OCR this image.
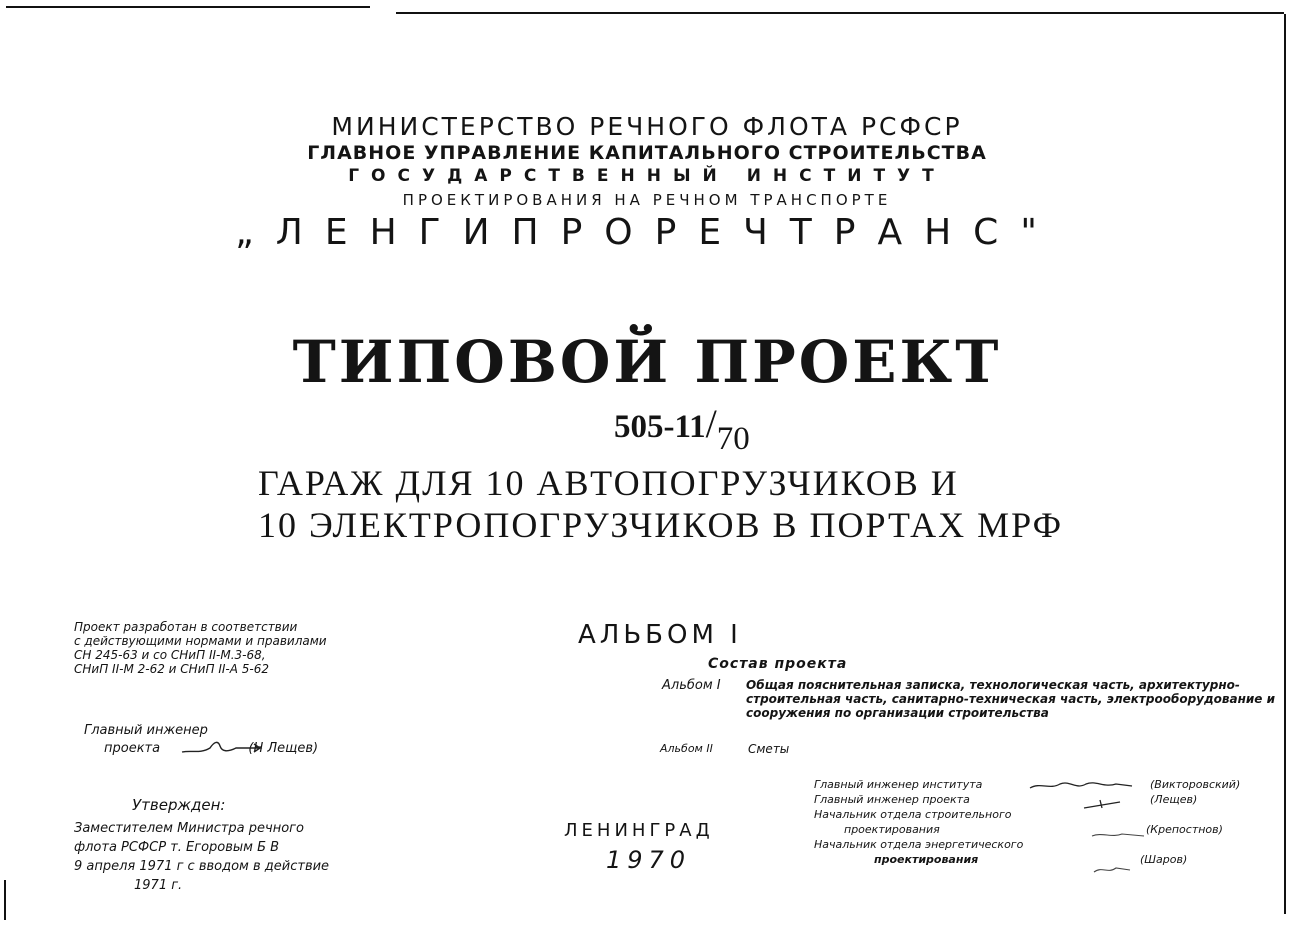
МИНИСТЕРСТВО РЕЧНОГО ФЛОТА РСФСР
ГЛАВНОЕ УПРАВЛЕНИЕ КАПИТАЛЬНОГО СТРОИТЕЛЬСТВА
ГОСУДАРСТВЕННЫЙ ИНСТИТУТ
ПРОЕКТИРОВАНИЯ НА РЕЧНОМ ТРАНСПОРТЕ
„ЛЕНГИПРОРЕЧТРАНС"
ТИПОВОЙ ПРОЕКТ
505-11/70
ГАРАЖ ДЛЯ 10 АВТОПОГРУЗЧИКОВ И
10 ЭЛЕКТРОПОГРУЗЧИКОВ В ПОРТАХ МРФ
Проект разработан в соответствии
с действующими нормами и правилами
СН 245-63 и со СНиП II-М.3-68,
СНиП II-М 2-62 и СНиП II-А 5-62
Главный инженер
проекта	(Н Лещев)
Утвержден:
Заместителем Министра речного
флота РСФСР т. Егоровым Б В
9 апреля 1971 г с вводом в действие
1971 г.
АЛЬБОМ I
Состав проекта
Альбом I Общая пояснительная записка, технологическая часть, архитектурно-строительная часть, санитарно-техническая часть, электрооборудование и сооружения по организации строительства
Альбом II	Сметы
Главный инженер института	(Викторовский)
Главный инженер проекта	(Лещев)
Начальник отдела строительного
проектирования	(Крепостнов)
Начальник отдела энергетического
проектирования	(Шаров)
ЛЕНИНГРАД
1970
